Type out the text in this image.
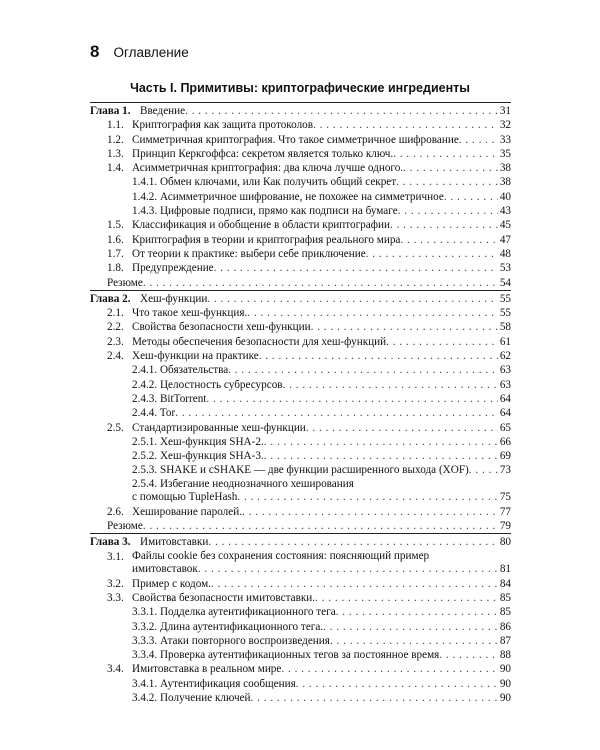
8 Оглавление
Часть I. Примитивы: криптографические ингредиенты
Глава 1. Введение . . .	31
1.1. Криптография как защита протоколов . . .	32
1.2. Симметричная криптография. Что такое симметричное шифрование . . .	33
1.3. Принцип Керкгоффса: секретом является только ключ. . . .	35
1.4. Асимметричная криптография: два ключа лучше одного. . . .	38
1.4.1. Обмен ключами, или Как получить общий секрет . . .	38
1.4.2. Асимметричное шифрование, не похожее на симметричное . . .	40
1.4.3. Цифровые подписи, прямо как подписи на бумаге . . .	43
1.5. Классификация и обобщение в области криптографии . . .	45
1.6. Криптография в теории и криптография реального мира . . .	47
1.7. От теории к практике: выбери себе приключение . . .	48
1.8. Предупреждение . . .	53
Резюме . . .	54
Глава 2. Хеш-функции . . .	55
2.1. Что такое хеш-функция. . . .	55
2.2. Свойства безопасности хеш-функции . . .	58
2.3. Методы обеспечения безопасности для хеш-функций . . .	61
2.4. Хеш-функции на практике . . .	62
2.4.1. Обязательства . . .	63
2.4.2. Целостность субресурсов . . .	63
2.4.3. BitTorrent . . .	64
2.4.4. Tor . . .	64
2.5. Стандартизированные хеш-функции . . .	65
2.5.1. Хеш-функция SHA-2. . . .	66
2.5.2. Хеш-функция SHA-3. . . .	69
2.5.3. SHAKE и cSHAKE — две функции расширенного выхода (XOF) . . .	73
2.5.4. Избегание неоднозначного хеширования
с помощью TupleHash . . .	75
2.6. Хеширование паролей. . . .	77
Резюме . . .	79
Глава 3. Имитовставки . . .	80
3.1. Файлы cookie без сохранения состояния: поясняющий пример
имитовставок . . .	81
3.2. Пример с кодом. . . .	84
3.3. Свойства безопасности имитовставки. . . .	85
3.3.1. Подделка аутентификационного тега . . .	85
3.3.2. Длина аутентификационного тега. . . .	86
3.3.3. Атаки повторного воспроизведения . . .	87
3.3.4. Проверка аутентификационных тегов за постоянное время . . .	88
3.4. Имитовставка в реальном мире . . .	90
3.4.1. Аутентификация сообщения . . .	90
3.4.2. Получение ключей . . .	90
